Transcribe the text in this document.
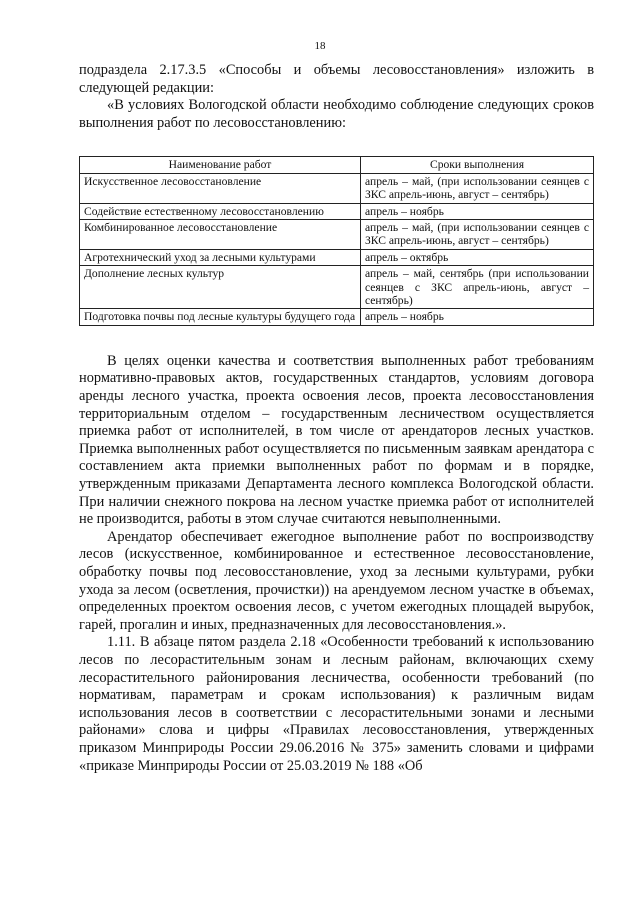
18

подраздела 2.17.3.5 «Способы и объемы лесовосстановления» изложить в следующей редакции:

«В условиях Вологодской области необходимо соблюдение следующих сроков выполнения работ по лесовосстановлению:

Наименование работ	Сроки выполнения
Искусственное лесовосстановление	апрель – май, (при использовании сеянцев с ЗКС апрель-июнь, август – сентябрь)
Содействие естественному лесовосстановлению	апрель – ноябрь
Комбинированное лесовосстановление	апрель – май, (при использовании сеянцев с ЗКС апрель-июнь, август – сентябрь)
Агротехнический уход за лесными культурами	апрель – октябрь
Дополнение лесных культур	апрель – май, сентябрь (при использовании сеянцев с ЗКС апрель-июнь, август – сентябрь)
Подготовка почвы под лесные культуры будущего года	апрель – ноябрь

В целях оценки качества и соответствия выполненных работ требованиям нормативно-правовых актов, государственных стандартов, условиям договора аренды лесного участка, проекта освоения лесов, проекта лесовосстановления территориальным отделом – государственным лесничеством осуществляется приемка работ от исполнителей, в том числе от арендаторов лесных участков. Приемка выполненных работ осуществляется по письменным заявкам арендатора с составлением акта приемки выполненных работ по формам и в порядке, утвержденным приказами Департамента лесного комплекса Вологодской области. При наличии снежного покрова на лесном участке приемка работ от исполнителей не производится, работы в этом случае считаются невыполненными.

Арендатор обеспечивает ежегодное выполнение работ по воспроизводству лесов (искусственное, комбинированное и естественное лесовосстановление, обработку почвы под лесовосстановление, уход за лесными культурами, рубки ухода за лесом (осветления, прочистки)) на арендуемом лесном участке в объемах, определенных проектом освоения лесов, с учетом ежегодных площадей вырубок, гарей, прогалин и иных, предназначенных для лесовосстановления.».

1.11. В абзаце пятом раздела 2.18 «Особенности требований к использованию лесов по лесорастительным зонам и лесным районам, включающих схему лесорастительного районирования лесничества, особенности требований (по нормативам, параметрам и срокам использования) к различным видам использования лесов в соответствии с лесорастительными зонами и лесными районами» слова и цифры «Правилах лесовосстановления, утвержденных приказом Минприроды России 29.06.2016 № 375» заменить словами и цифрами «приказе Минприроды России от 25.03.2019 № 188 «Об
